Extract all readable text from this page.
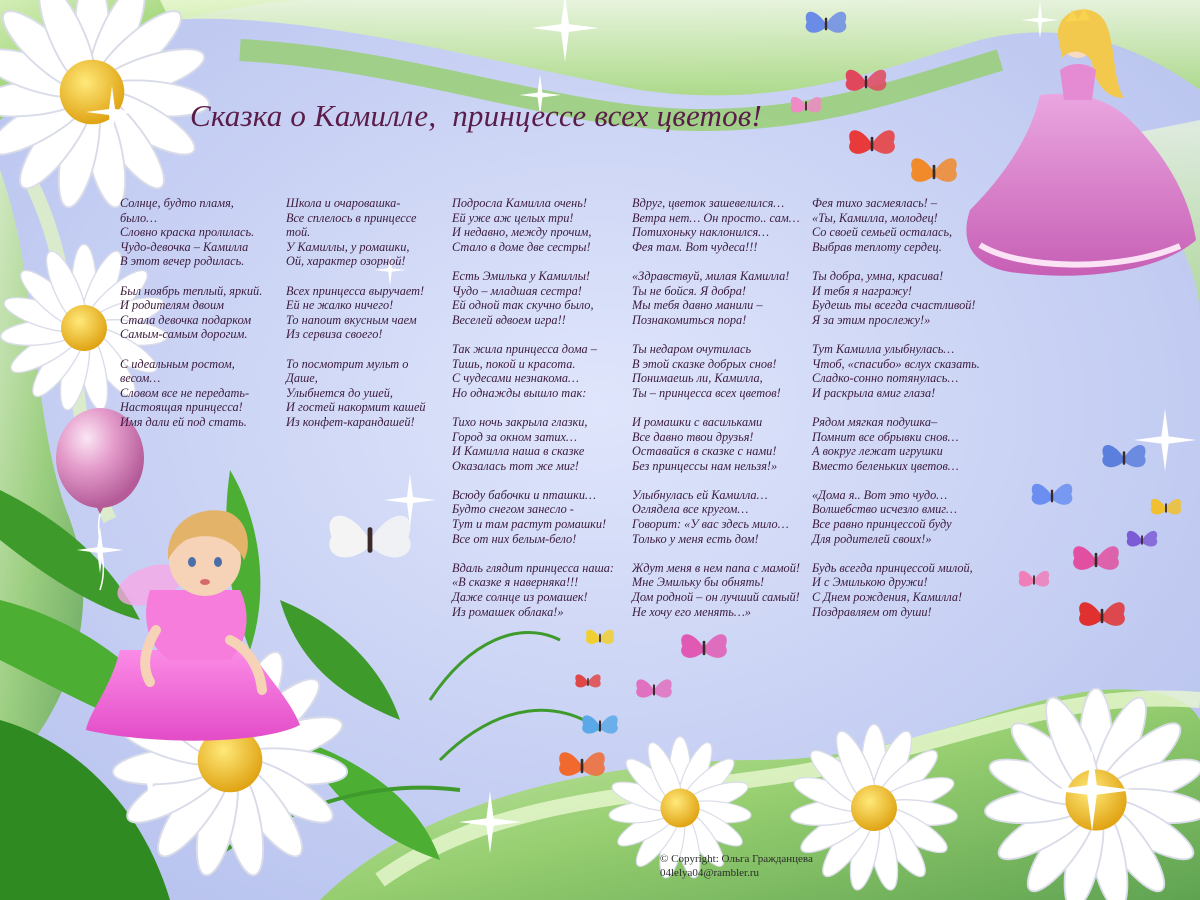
Сказка о Камилле,  принцессе всех цветов!
Солнце, будто пламя,
было…
Словно краска пролилась.
Чудо-девочка – Камилла
В этот вечер родилась.
Был ноябрь теплый, яркий.
И родителям двоим
Стала девочка подарком
Самым-самым дорогим.
С идеальным ростом,
весом…
Словом все не передать-
Настоящая принцесса!
Имя дали ей под стать.
Школа и очаровашка-
Все сплелось в принцессе
той.
У Камиллы, у ромашки,
Ой, характер озорной!
Всех принцесса выручает!
Ей не жалко ничего!
То напоит вкусным чаем
Из сервиза своего!
То посмотрит мульт о
Даше,
Улыбнется до ушей,
И гостей накормит кашей
Из конфет-карандашей!
Подросла Камилла очень!
Ей уже аж целых три!
И недавно, между прочим,
Стало в доме две сестры!
Есть Эмилька у Камиллы!
Чудо – младшая сестра!
Ей одной так скучно было,
Веселей вдвоем игра!!
Так жила принцесса дома –
Тишь, покой и красота.
С чудесами незнакома…
Но однажды вышло так:
Тихо ночь закрыла глазки,
Город за окном затих…
И Камилла наша в сказке
Оказалась тот же миг!
Всюду бабочки и пташки…
Будто снегом занесло -
Тут и там растут ромашки!
Все от них белым-бело!
Вдаль глядит принцесса наша:
«В сказке я наверняка!!!
Даже солнце из ромашек!
Из ромашек облака!»
Вдруг, цветок зашевелился…
Ветра нет… Он просто.. сам…
Потихоньку наклонился…
Фея там. Вот чудеса!!!
«Здравствуй, милая Камилла!
Ты не бойся. Я добра!
Мы тебя давно манили –
Познакомиться пора!
Ты недаром очутилась
В этой сказке добрых снов!
Понимаешь ли, Камилла,
Ты – принцесса всех цветов!
И ромашки с васильками
Все давно твои друзья!
Оставайся в сказке с нами!
Без принцессы нам нельзя!»
Улыбнулась ей Камилла…
Оглядела все кругом…
Говорит: «У вас здесь мило…
Только у меня есть дом!
Ждут меня в нем папа с мамой!
Мне Эмильку бы обнять!
Дом родной – он лучший самый!
Не хочу его менять…»
Фея тихо засмеялась! –
«Ты, Камилла, молодец!
Со своей семьей осталась,
Выбрав теплоту сердец.
Ты добра, умна, красива!
И тебя я награжу!
Будешь ты всегда счастливой!
Я за этим прослежу!»
Тут Камилла улыбнулась…
Чтоб, «спасибо» вслух сказать.
Сладко-сонно потянулась…
И раскрыла вмиг глаза!
Рядом мягкая подушка–
Помнит все обрывки снов…
А вокруг лежат игрушки
Вместо беленьких цветов…
«Дома я.. Вот это чудо…
Волшебство исчезло вмиг…
Все равно принцессой буду
Для родителей своих!»
Будь всегда принцессой милой,
И с Эмилькою дружи!
С Днем рождения, Камилла!
Поздравляем от души!

© Copyright: Ольга Гражданцева
04lelya04@rambler.ru
